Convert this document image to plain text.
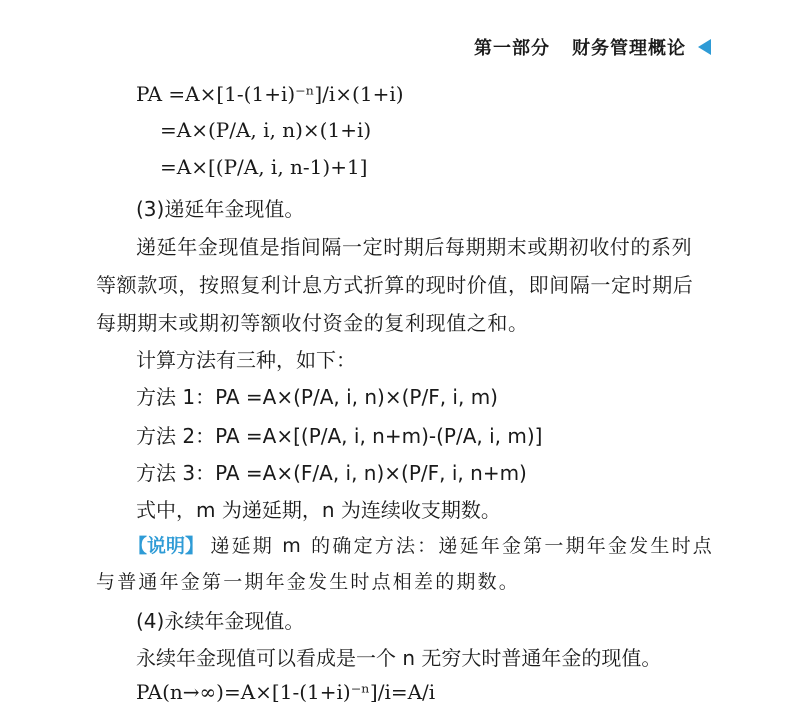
第一部分 财务管理概论
PA =A×[1-(1+i)⁻ⁿ]/i×(1+i)
=A×(P/A, i, n)×(1+i)
=A×[(P/A, i, n-1)+1]
(3)递延年金现值。
递延年金现值是指间隔一定时期后每期期末或期初收付的系列
等额款项，按照复利计息方式折算的现时价值，即间隔一定时期后
每期期末或期初等额收付资金的复利现值之和。
计算方法有三种，如下：
方法 1：PA =A×(P/A, i, n)×(P/F, i, m)
方法 2：PA =A×[(P/A, i, n+m)-(P/A, i, m)]
方法 3：PA =A×(F/A, i, n)×(P/F, i, n+m)
式中，m 为递延期，n 为连续收支期数。
【说明】 递延期 m 的确定方法：递延年金第一期年金发生时点
与普通年金第一期年金发生时点相差的期数。
(4)永续年金现值。
永续年金现值可以看成是一个 n 无穷大时普通年金的现值。
PA(n→∞)=A×[1-(1+i)⁻ⁿ]/i=A/i
